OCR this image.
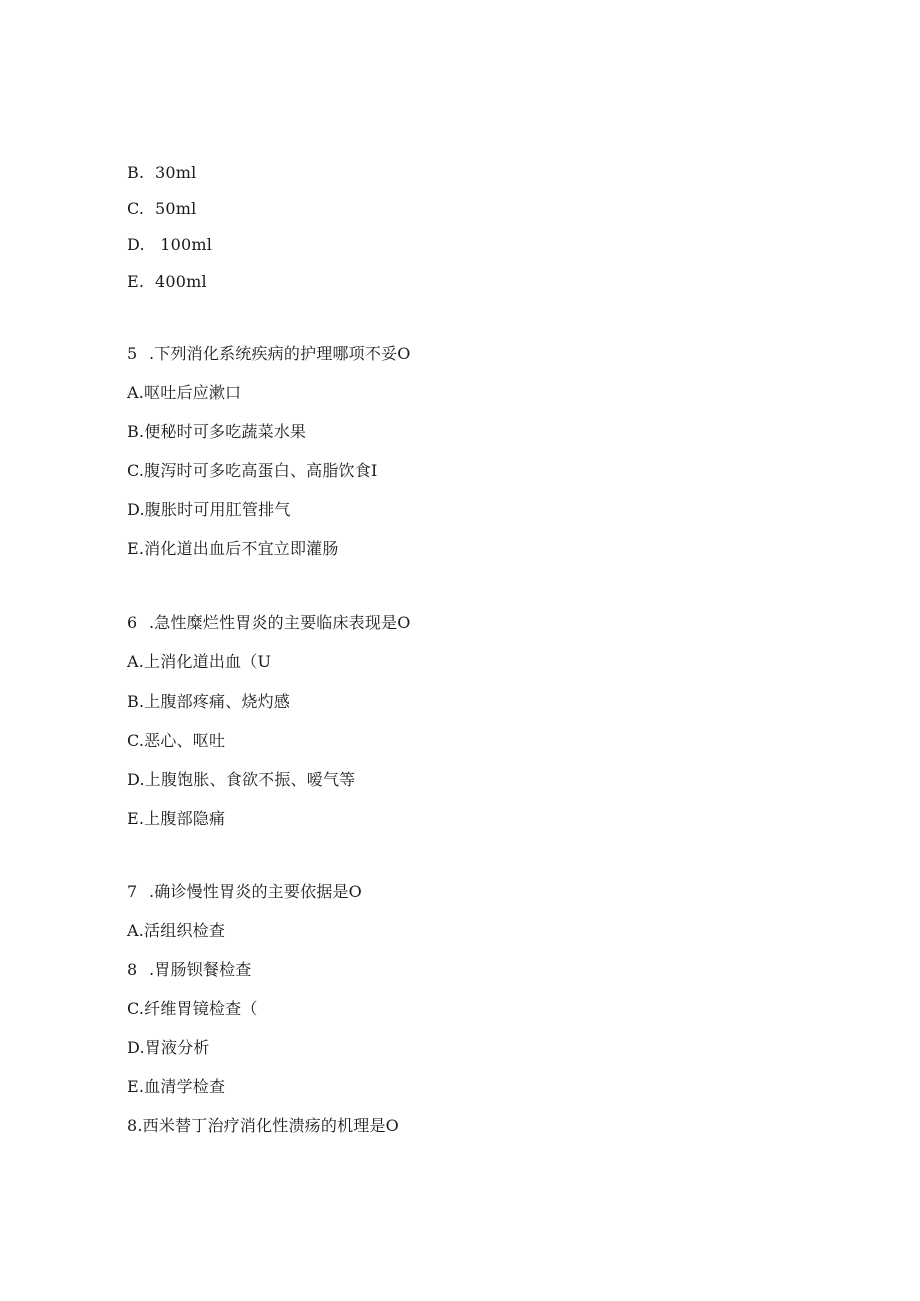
B. 30ml
C. 50ml
D. 100ml
E. 400ml
5 .下列消化系统疾病的护理哪项不妥O
A.呕吐后应漱口
B.便秘时可多吃蔬菜水果
C.腹泻时可多吃高蛋白、高脂饮食I
D.腹胀时可用肛管排气
E.消化道出血后不宜立即灌肠
6 .急性糜烂性胃炎的主要临床表现是O
A.上消化道出血（U
B.上腹部疼痛、烧灼感
C.恶心、呕吐
D.上腹饱胀、食欲不振、嗳气等
E.上腹部隐痛
7 .确诊慢性胃炎的主要依据是O
A.活组织检查
8 .胃肠钡餐检查
C.纤维胃镜检查（
D.胃液分析
E.血清学检查
8.西米替丁治疗消化性溃疡的机理是O
